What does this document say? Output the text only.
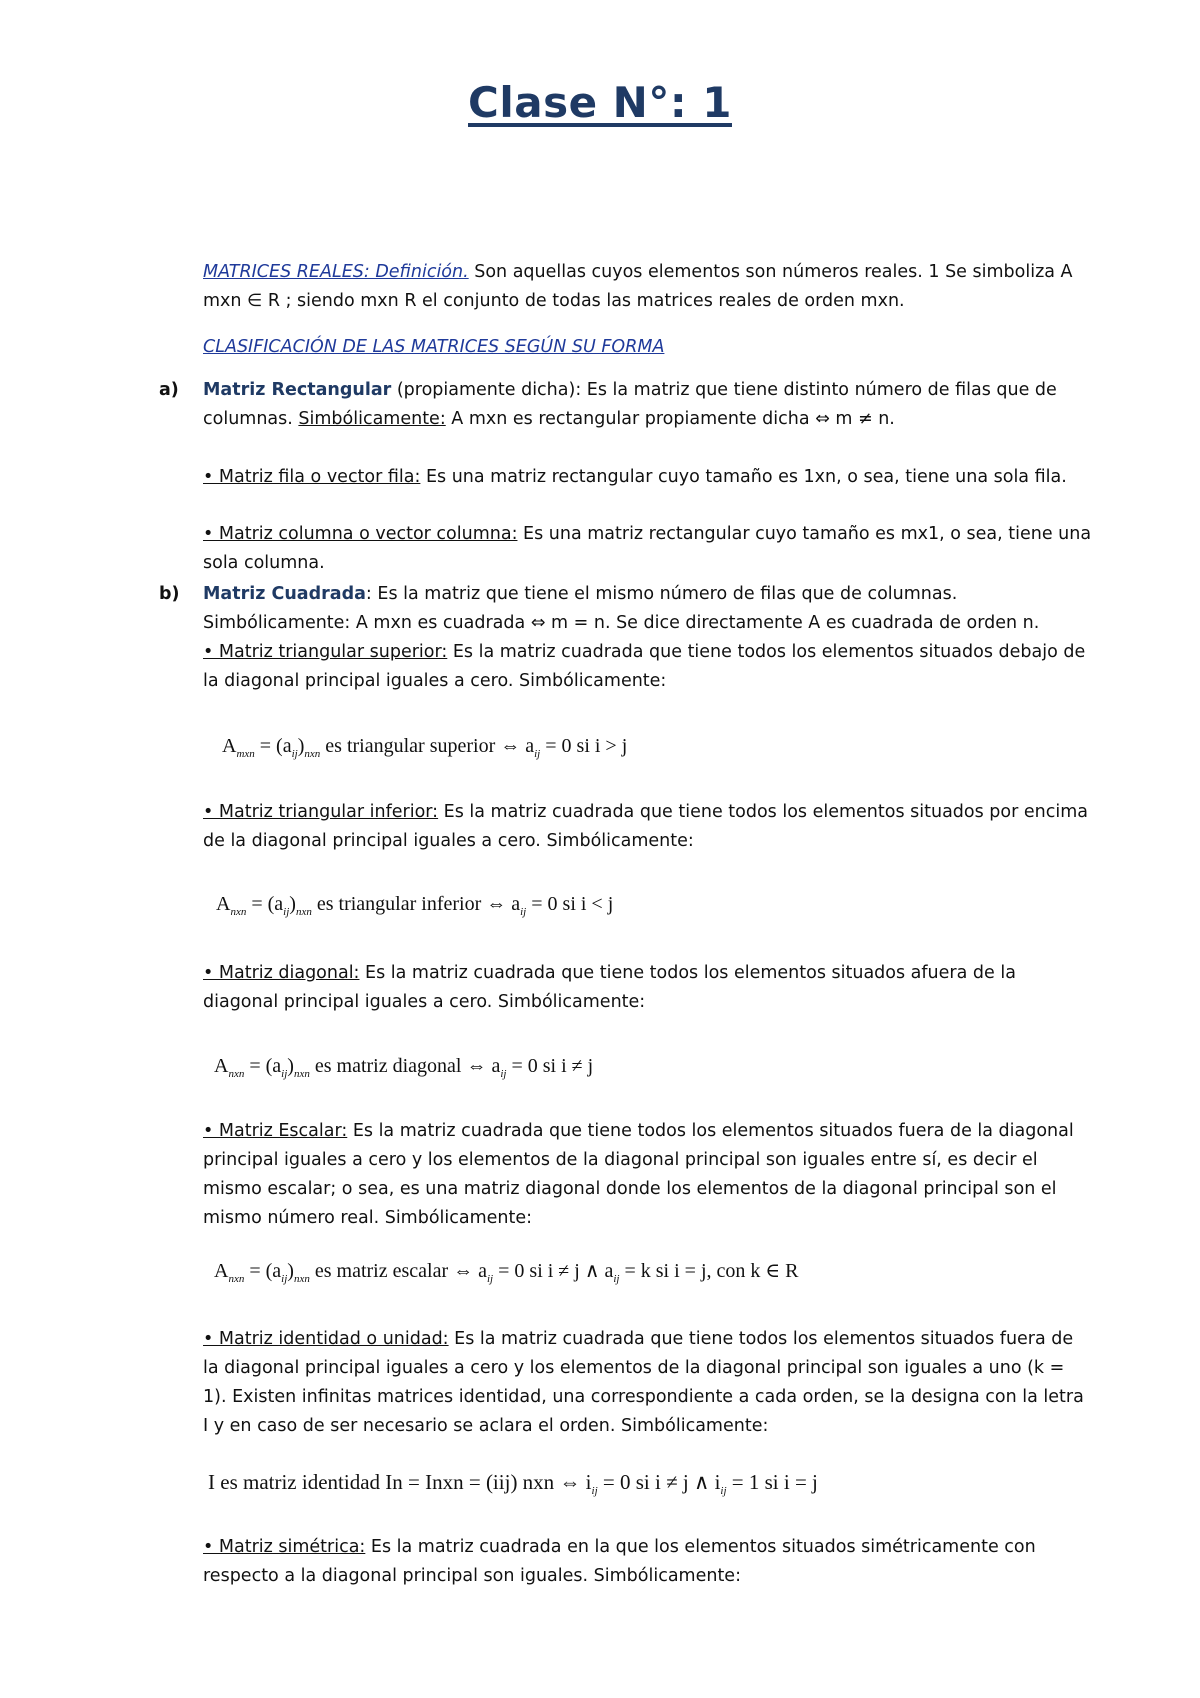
Clase N°: 1

MATRICES REALES: Definición. Son aquellas cuyos elementos son números reales. 1 Se simboliza A mxn ∈ R ; siendo mxn R el conjunto de todas las matrices reales de orden mxn.

CLASIFICACIÓN DE LAS MATRICES SEGÚN SU FORMA

a) Matriz Rectangular (propiamente dicha): Es la matriz que tiene distinto número de filas que de columnas. Simbólicamente: A mxn es rectangular propiamente dicha ⇔ m ≠ n.

• Matriz fila o vector fila: Es una matriz rectangular cuyo tamaño es 1xn, o sea, tiene una sola fila.

• Matriz columna o vector columna: Es una matriz rectangular cuyo tamaño es mx1, o sea, tiene una sola columna.

b) Matriz Cuadrada: Es la matriz que tiene el mismo número de filas que de columnas. Simbólicamente: A mxn es cuadrada ⇔ m = n. Se dice directamente A es cuadrada de orden n.

• Matriz triangular superior: Es la matriz cuadrada que tiene todos los elementos situados debajo de la diagonal principal iguales a cero. Simbólicamente:

$A_{mxn} = (a_{ij})_{nxn}$ es triangular superior ⇔ $a_{ij} = 0$ si i > j

• Matriz triangular inferior: Es la matriz cuadrada que tiene todos los elementos situados por encima de la diagonal principal iguales a cero. Simbólicamente:

$A_{nxn} = (a_{ij})_{nxn}$ es triangular inferior ⇔ $a_{ij} = 0$ si i < j

• Matriz diagonal: Es la matriz cuadrada que tiene todos los elementos situados afuera de la diagonal principal iguales a cero. Simbólicamente:

$A_{nxn} = (a_{ij})_{nxn}$ es matriz diagonal ⇔ $a_{ij} = 0$ si i ≠ j

• Matriz Escalar: Es la matriz cuadrada que tiene todos los elementos situados fuera de la diagonal principal iguales a cero y los elementos de la diagonal principal son iguales entre sí, es decir el mismo escalar; o sea, es una matriz diagonal donde los elementos de la diagonal principal son el mismo número real. Simbólicamente:

$A_{nxn} = (a_{ij})_{nxn}$ es matriz escalar ⇔ $a_{ij} = 0$ si i ≠ j ∧ $a_{ij} = k$ si i = j, con k ∈ R

• Matriz identidad o unidad: Es la matriz cuadrada que tiene todos los elementos situados fuera de la diagonal principal iguales a cero y los elementos de la diagonal principal son iguales a uno (k = 1). Existen infinitas matrices identidad, una correspondiente a cada orden, se la designa con la letra I y en caso de ser necesario se aclara el orden. Simbólicamente:

I es matriz identidad In = Inxn = (iij) nxn ⇔ $i_{ij} = 0$ si i ≠ j ∧ $i_{ij} = 1$ si i = j

• Matriz simétrica: Es la matriz cuadrada en la que los elementos situados simétricamente con respecto a la diagonal principal son iguales. Simbólicamente:
